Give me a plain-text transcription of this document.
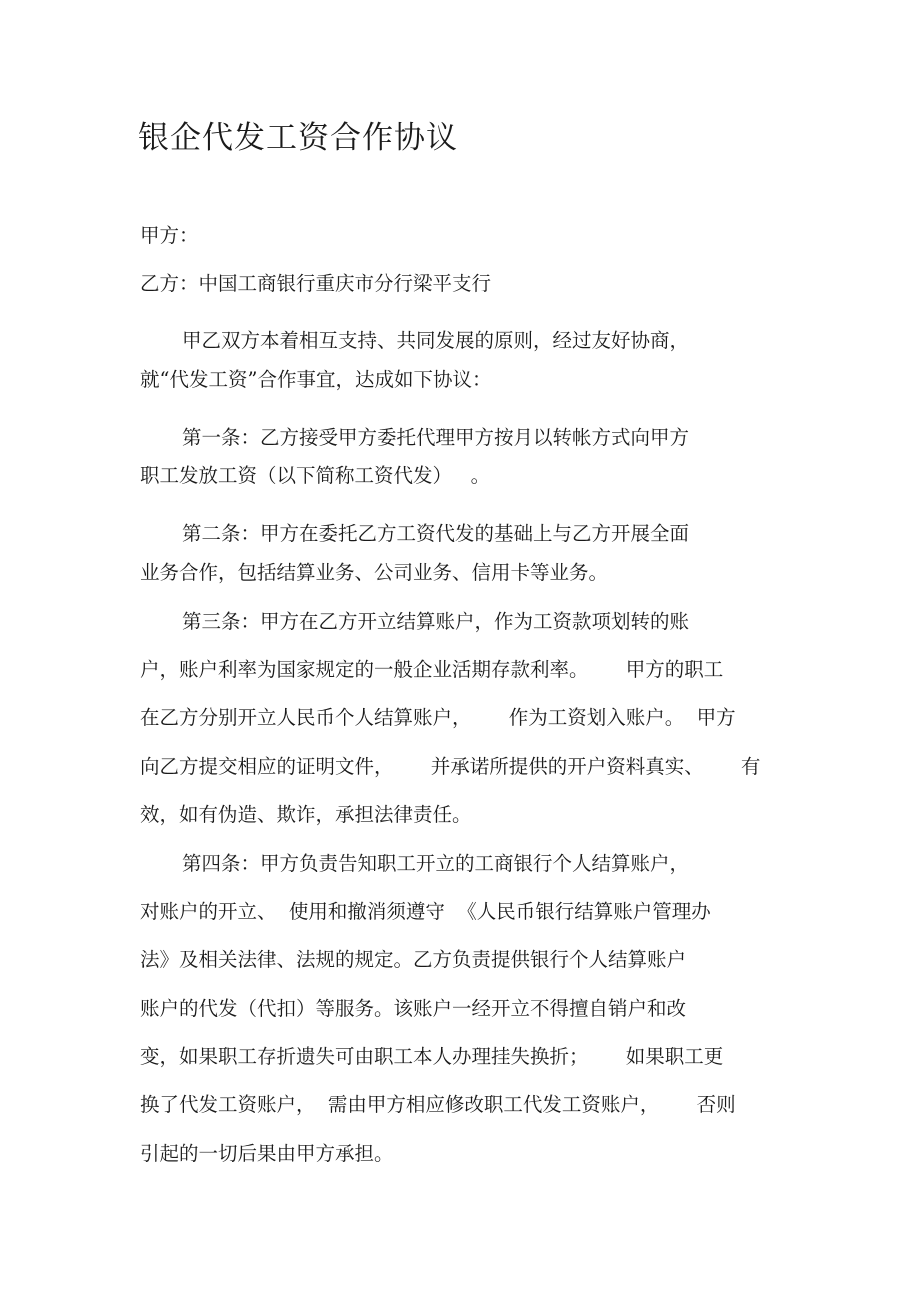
银企代发工资合作协议
甲方：
乙方：中国工商银行重庆市分行梁平支行
甲乙双方本着相互支持、共同发展的原则，经过友好协商，
就“代发工资”合作事宜，达成如下协议：
第一条：乙方接受甲方委托代理甲方按月以转帐方式向甲方
职工发放工资（以下简称工资代发）   。
第二条：甲方在委托乙方工资代发的基础上与乙方开展全面
业务合作，包括结算业务、公司业务、信用卡等业务。
第三条：甲方在乙方开立结算账户，作为工资款项划转的账
户，账户利率为国家规定的一般企业活期存款利率。      甲方的职工
在乙方分别开立人民币个人结算账户，      作为工资划入账户。  甲方
向乙方提交相应的证明文件，      并承诺所提供的开户资料真实、      有
效，如有伪造、欺诈，承担法律责任。
第四条：甲方负责告知职工开立的工商银行个人结算账户，
对账户的开立、  使用和撤消须遵守  《人民币银行结算账户管理办
法》及相关法律、法规的规定。乙方负责提供银行个人结算账户
账户的代发（代扣）等服务。该账户一经开立不得擅自销户和改
变，如果职工存折遗失可由职工本人办理挂失换折；      如果职工更
换了代发工资账户，  需由甲方相应修改职工代发工资账户，      否则
引起的一切后果由甲方承担。
